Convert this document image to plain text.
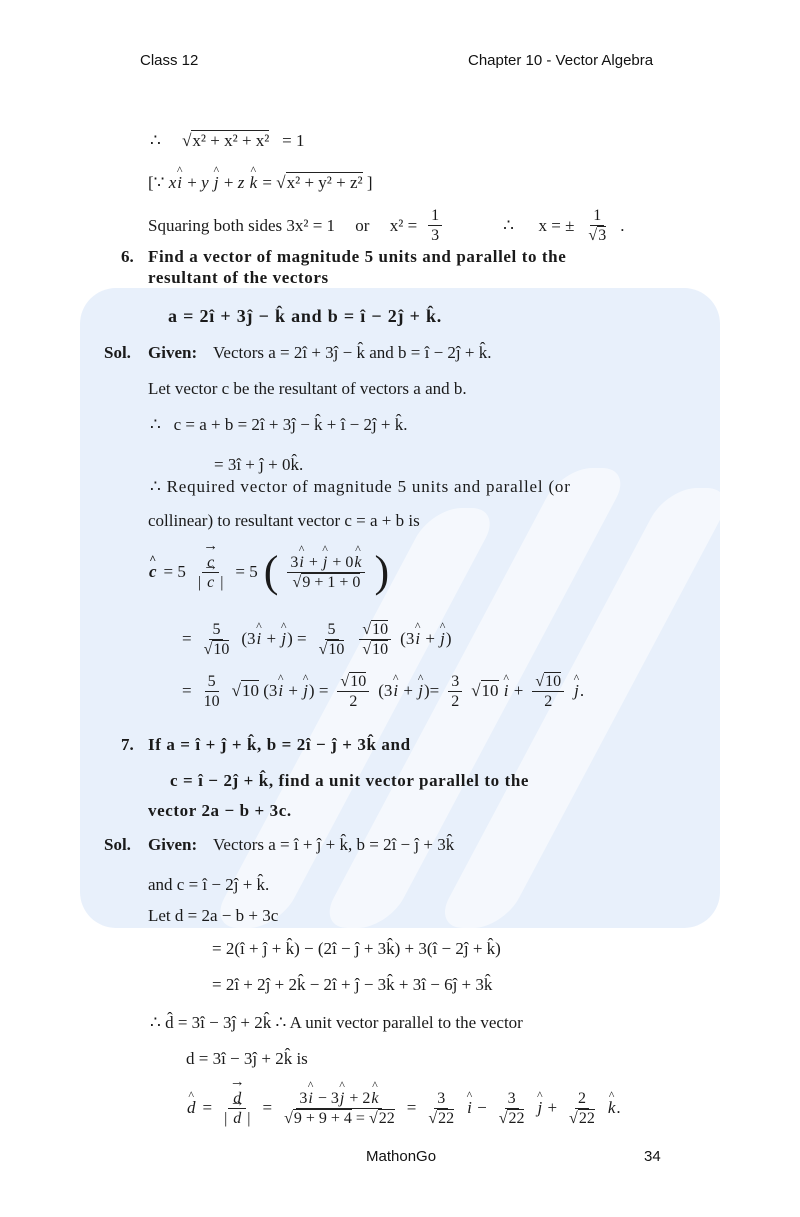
Class 12	Chapter 10 - Vector Algebra
∴ √ x² + x² + x² = 1
[∵ x^ i + y ^ j + z ^ k = √ x² + y² + z² ]
Squaring both sides 3x² = 1
or
$x^2 = \frac{1}{3}$	∴
x = ± 1
√ 3 .
6. Find a vector of magnitude 5 units and parallel to the
resultant of the vectors
a = 2î + 3ĵ − k̂ and b = î − 2ĵ + k̂.
Sol. Given: Vectors a = 2î + 3ĵ − k̂ and b = î − 2ĵ + k̂.
Let vector c be the resultant of vectors a and b.
∴ c = a + b = 2î + 3ĵ − k̂ + î − 2ĵ + k̂.
= 3î + ĵ + 0k̂.
∴ Required vector of magnitude 5 units and parallel (or
collinear) to resultant vector c = a + b is
^ $c = 5 \to \frac{c}{| \to c |} = 5$ ( 3^ i + ^ j + 0^ k
√ 9 + 1 + 0 )
= 5
√ 10 (3^ i + ^ j) = 5
√ 10 √ 10
√ 10 (3^ i + ^ j)
= $\frac{5}{10}$ √	10 (3^ i + ^ j) = √ $\frac{10}{2}$ (3^ i + ^ $j)= \frac{3}{2}$ √	10 ^ i + √ $\frac{10}{2}$ ^ j.
7. If a = î + ĵ + k̂, b = 2î − ĵ + 3k̂ and
c = î − 2ĵ + k̂, find a unit vector parallel to the
vector 2a − b + 3c.
Sol. Given: Vectors a = î + ĵ + k̂, b = 2î − ĵ + 3k̂
and c = î − 2ĵ + k̂.
Let d = 2a − b + 3c
= 2(î + ĵ + k̂) − (2î − ĵ + 3k̂) + 3(î − 2ĵ + k̂)
= 2î + 2ĵ + 2k̂ − 2î + ĵ − 3k̂ + 3î − 6ĵ + 3k̂
∴ d̂ = 3î − 3ĵ + 2k̂ ∴ A unit vector parallel to the vector
d = 3î − 3ĵ + 2k̂ is
^ d = → $\frac{d}{| \to d |}$ = 3^ i − 3^ j + 2^ k
√ 9 + 9 + 4 = √ 22 = 3
√ 22 ^ i − 3
√ 22 ^ j + 2
√ 22 ^ k.
MathonGo	34
